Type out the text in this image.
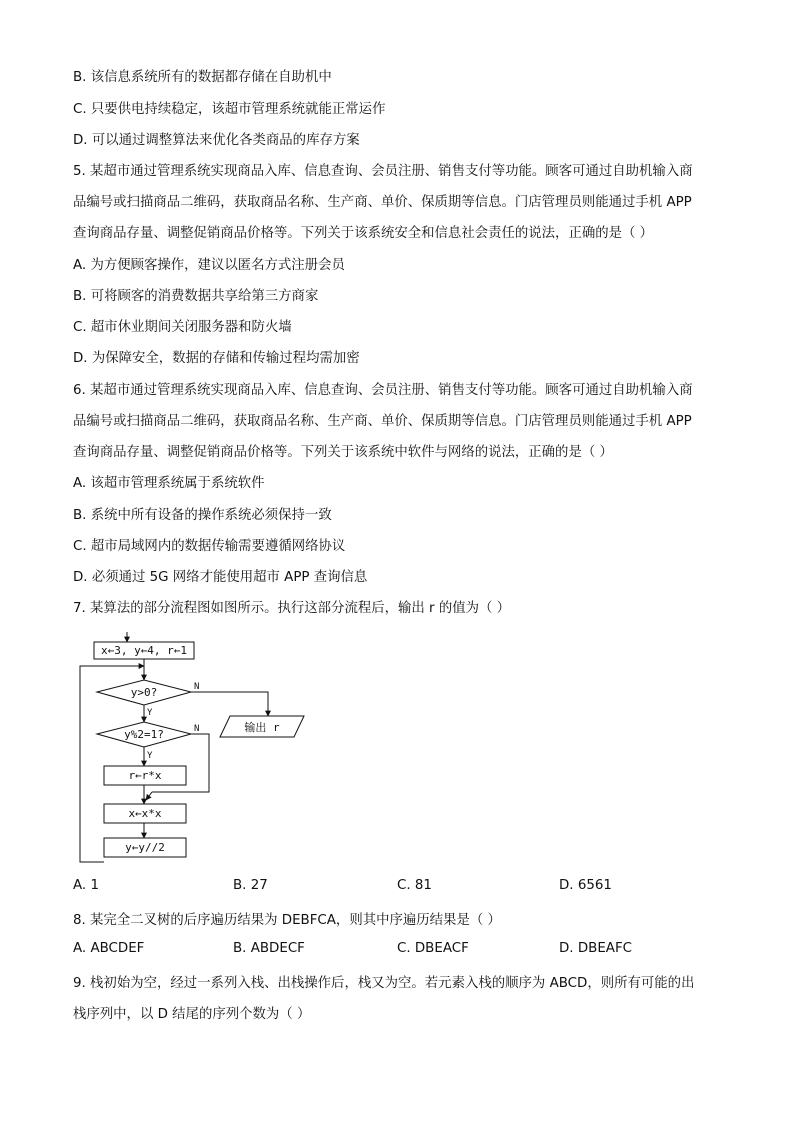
B. 该信息系统所有的数据都存储在自助机中
C. 只要供电持续稳定，该超市管理系统就能正常运作
D. 可以通过调整算法来优化各类商品的库存方案
5. 某超市通过管理系统实现商品入库、信息查询、会员注册、销售支付等功能。顾客可通过自助机输入商
品编号或扫描商品二维码，获取商品名称、生产商、单价、保质期等信息。门店管理员则能通过手机 APP
查询商品存量、调整促销商品价格等。下列关于该系统安全和信息社会责任的说法，正确的是（ ）
A. 为方便顾客操作，建议以匿名方式注册会员
B. 可将顾客的消费数据共享给第三方商家
C. 超市休业期间关闭服务器和防火墙
D. 为保障安全，数据的存储和传输过程均需加密
6. 某超市通过管理系统实现商品入库、信息查询、会员注册、销售支付等功能。顾客可通过自助机输入商
品编号或扫描商品二维码，获取商品名称、生产商、单价、保质期等信息。门店管理员则能通过手机 APP
查询商品存量、调整促销商品价格等。下列关于该系统中软件与网络的说法，正确的是（ ）
A. 该超市管理系统属于系统软件
B. 系统中所有设备的操作系统必须保持一致
C. 超市局域网内的数据传输需要遵循网络协议
D. 必须通过 5G 网络才能使用超市 APP 查询信息
7. 某算法的部分流程图如图所示。执行这部分流程后，输出 r 的值为（ ）
x←3, y←4, r←1
y>0?
y%2=1?
r←r*x
x←x*x
y←y//2
输出 r
N
Y
N
Y
A. 1	B. 27	C. 81	D. 6561
8. 某完全二叉树的后序遍历结果为 DEBFCA，则其中序遍历结果是（ ）
A. ABCDEF	B. ABDECF	C. DBEACF	D. DBEAFC
9. 栈初始为空，经过一系列入栈、出栈操作后，栈又为空。若元素入栈的顺序为 ABCD，则所有可能的出
栈序列中，以 D 结尾的序列个数为（ ）
